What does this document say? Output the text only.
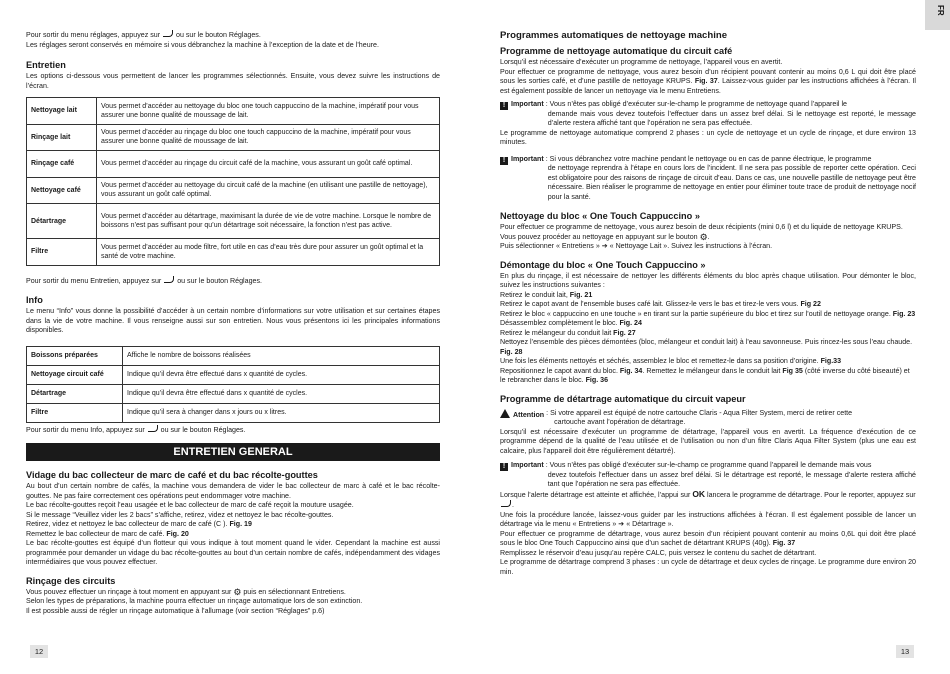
FR

Pour sortir du menu réglages, appuyez sur  ou sur le bouton Réglages.

Les réglages seront conservés en mémoire si vous débranchez la machine à l’exception de la date et de l’heure.

Entretien

Les options ci-dessous vous permettent de lancer les programmes sélectionnés. Ensuite, vous devez suivre les instructions de l’écran.

Nettoyage lait	Vous permet d’accéder au nettoyage du bloc one touch cappuccino de la machine, impératif pour vous assurer une bonne qualité de moussage de lait.
Rinçage lait	Vous permet d’accéder au rinçage du bloc one touch cappuccino de la machine, impératif pour vous assurer une bonne qualité de moussage de lait.
Rinçage café	Vous permet d’accéder au rinçage du circuit café de la machine, vous assurant un goût café optimal.
Nettoyage café	Vous permet d’accéder au nettoyage du circuit café de la machine (en utilisant une pastille de nettoyage), vous assurant un goût café optimal.
Détartrage	Vous permet d’accéder au détartrage, maximisant la durée de vie de votre machine. Lorsque le nombre de boissons n’est pas suffisant pour qu’un détartrage soit nécessaire, la fonction n’est pas active.
Filtre	Vous permet d’accéder au mode filtre, fort utile en cas d’eau très dure pour assurer un goût optimal et la santé de votre machine.

Pour sortir du menu Entretien, appuyez sur  ou sur le bouton Réglages.

Info

Le menu “Info” vous donne la possibilité d’accéder à un certain nombre d’informations sur votre utilisation et sur certaines étapes dans la vie de votre machine. Il vous renseigne aussi sur son entretien. Nous vous présentons ici les principales informations disponibles.

Boissons préparées	Affiche le nombre de boissons réalisées
Nettoyage circuit café	Indique qu’il devra être effectué dans x quantité de cycles.
Détartrage	Indique qu’il devra être effectué dans x quantité de cycles.
Filtre	Indique qu’il sera à changer dans x jours ou x litres.

Pour sortir du menu Info, appuyez sur  ou sur le bouton Réglages.

ENTRETIEN GENERAL
Vidage du bac collecteur de marc de café et du bac récolte-gouttes

Au bout d’un certain nombre de cafés, la machine vous demandera de vider le bac collecteur de marc à café et le bac récolte-gouttes. Ne pas faire correctement ces opérations peut endommager votre machine.

Le bac récolte-gouttes reçoit l’eau usagée et le bac collecteur de marc de café reçoit la mouture usagée.

Si le message “Veuillez vider les 2 bacs” s’affiche, retirez, videz et nettoyez le bac récolte-gouttes.

Retirez, videz et nettoyez le bac collecteur de marc de café (C ). Fig. 19

Remettez le bac collecteur de marc de café. Fig. 20

Le bac récolte-gouttes est équipé d’un flotteur qui vous indique à tout moment quand le vider. Cependant la machine est aussi programmée pour demander un vidage du bac récolte-gouttes au bout d’un certain nombre de cafés, indépendamment des vidages intermédiaires que vous pouvez effectuer.

Rinçage des circuits

Vous pouvez effectuer un rinçage à tout moment en appuyant sur ⚙ puis en sélectionnant Entretiens.

Selon les types de préparations, la machine pourra effectuer un rinçage automatique lors de son extinction.

Il est possible aussi de régler un rinçage automatique à l’allumage (voir section “Réglages” p.6)

12
Programmes automatiques de nettoyage machine
Programme de nettoyage automatique du circuit café

Lorsqu’il est nécessaire d’exécuter un programme de nettoyage, l’appareil vous en avertit.

Pour effectuer ce programme de nettoyage, vous aurez besoin d’un récipient pouvant contenir au moins 0,6 L qui doit être placé sous les sorties café, et d’une pastille de nettoyage KRUPS. Fig. 37. Laissez-vous guider par les instructions affichées à l’écran. Il est également possible de lancer un nettoyage via le menu Entretiens.

! Important : Vous n’êtes pas obligé d’exécuter sur-le-champ le programme de nettoyage quand l’appareil le
demande mais vous devez toutefois l’effectuer dans un assez bref délai. Si le nettoyage est reporté, le message d’alerte restera affiché tant que l’opération ne sera pas effectuée.

Le programme de nettoyage automatique comprend 2 phases : un cycle de nettoyage et un cycle de rinçage, et dure environ 13 minutes.

! Important : Si vous débranchez votre machine pendant le nettoyage ou en cas de panne électrique, le programme
de nettoyage reprendra à l’étape en cours lors de l’incident. Il ne sera pas possible de reporter cette opération. Ceci est obligatoire pour des raisons de rinçage de circuit d’eau. Dans ce cas, une nouvelle pastille de nettoyage peut être nécessaire. Bien réaliser le programme de nettoyage en entier pour éliminer toute trace de produit de nettoyage nocif pour la santé.
Nettoyage du bloc « One Touch Cappuccino »

Pour effectuer ce programme de nettoyage, vous aurez besoin de deux récipients (mini 0,6 l) et du liquide de nettoyage KRUPS.

Vous pouvez procéder au nettoyage en appuyant sur le bouton ⚙.

Puis sélectionner « Entretiens » ➔ « Nettoyage Lait ». Suivez les instructions à l’écran.

Démontage du bloc « One Touch Cappuccino »

En plus du rinçage, il est nécessaire de nettoyer les différents éléments du bloc après chaque utilisation. Pour démonter le bloc, suivez les instructions suivantes :

Retirez le conduit lait, Fig. 21

Retirez le capot avant de l’ensemble buses café lait. Glissez-le vers le bas et tirez-le vers vous. Fig 22

Retirez le bloc « cappuccino en une touche » en tirant sur la partie supérieure du bloc et tirez sur l’outil de nettoyage orange. Fig. 23

Désassemblez complètement le bloc. Fig. 24

Retirez le mélangeur du conduit lait Fig. 27

Nettoyez l’ensemble des pièces démontées (bloc, mélangeur et conduit lait) à l’eau savonneuse. Puis rincez-les sous l’eau chaude. Fig. 28

Une fois les éléments nettoyés et séchés, assemblez le bloc et remettez-le dans sa position d’origine. Fig.33

Repositionnez le capot avant du bloc. Fig. 34. Remettez le mélangeur dans le conduit lait Fig 35 (côté inverse du côté biseauté) et le rebrancher dans le bloc. Fig. 36

Programme de détartrage automatique du circuit vapeur
Attention : Si votre appareil est équipé de notre cartouche Claris - Aqua Filter System, merci de retirer cette
cartouche avant l’opération de détartrage.

Lorsqu’il est nécessaire d’exécuter un programme de détartrage, l’appareil vous en avertit. La fréquence d’exécution de ce programme dépend de la qualité de l’eau utilisée et de l’utilisation ou non d’un filtre Claris Aqua Filter System (plus une eau est calcaire, plus l’appareil doit être régulièrement détartré).

! Important : Vous n’êtes pas obligé d’exécuter sur-le-champ ce programme quand l’appareil le demande mais vous
devez toutefois l’effectuer dans un assez bref délai. Si le détartrage est reporté, le message d’alerte restera affiché tant que l’opération ne sera pas effectuée.

Lorsque l’alerte détartrage est atteinte et affichée, l’appui sur OK lancera le programme de détartrage. Pour le reporter, appuyez sur .

Une fois la procédure lancée, laissez-vous guider par les instructions affichées à l’écran. Il est également possible de lancer un détartrage via le menu « Entretiens » ➔ « Détartrage ».

Pour effectuer ce programme de détartrage, vous aurez besoin d’un récipient pouvant contenir au moins 0,6L qui doit être placé sous le bloc One Touch Cappuccino ainsi que d’un sachet de détartrant KRUPS (40g). Fig. 37

Remplissez le réservoir d’eau jusqu’au repère CALC, puis versez le contenu du sachet de détartrant.

Le programme de détartrage comprend 3 phases : un cycle de détartrage et deux cycles de rinçage. Le programme dure environ 20 min.

13
